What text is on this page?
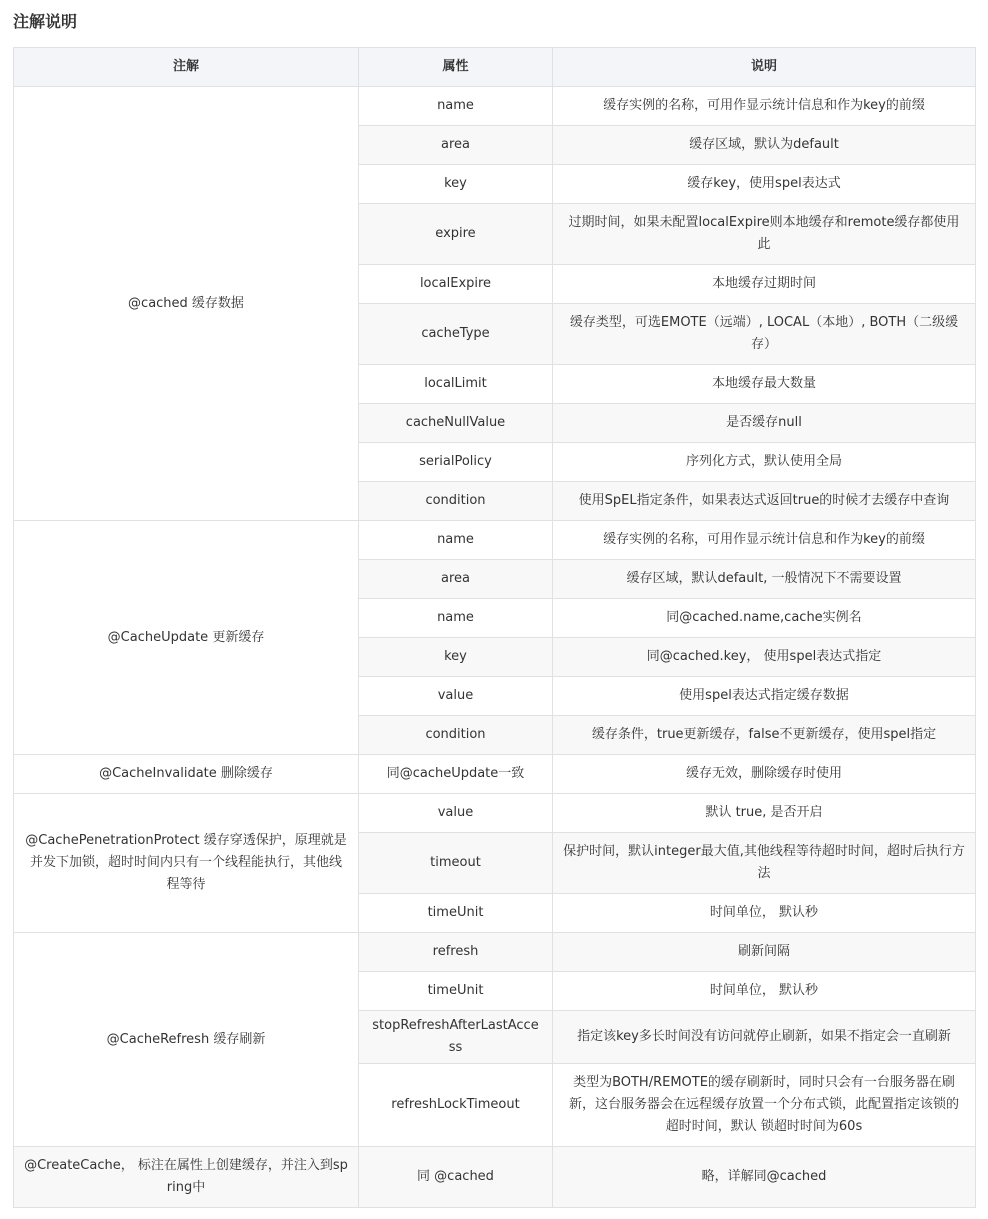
注解说明
注解	属性	说明
@cached 缓存数据	name	缓存实例的名称，可用作显示统计信息和作为key的前缀
	area	缓存区域，默认为default
	key	缓存key，使用spel表达式
	expire	过期时间，如果未配置localExpire则本地缓存和remote缓存都使用此
	localExpire	本地缓存过期时间
	cacheType	缓存类型，可选EMOTE（远端）, LOCAL（本地）, BOTH（二级缓存）
	localLimit	本地缓存最大数量
	cacheNullValue	是否缓存null
	serialPolicy	序列化方式，默认使用全局
	condition	使用SpEL指定条件，如果表达式返回true的时候才去缓存中查询
@CacheUpdate 更新缓存	name	缓存实例的名称，可用作显示统计信息和作为key的前缀
	area	缓存区域，默认default, 一般情况下不需要设置
	name	同@cached.name,cache实例名
	key	同@cached.key， 使用spel表达式指定
	value	使用spel表达式指定缓存数据
	condition	缓存条件，true更新缓存，false不更新缓存，使用spel指定
@CacheInvalidate 删除缓存	同@cacheUpdate一致	缓存无效，删除缓存时使用
@CachePenetrationProtect 缓存穿透保护，原理就是并发下加锁，超时时间内只有一个线程能执行，其他线程等待	value	默认 true, 是否开启
	timeout	保护时间，默认integer最大值,其他线程等待超时时间，超时后执行方法
	timeUnit	时间单位， 默认秒
@CacheRefresh 缓存刷新	refresh	刷新间隔
	timeUnit	时间单位， 默认秒
	stopRefreshAfterLastAccess	指定该key多长时间没有访问就停止刷新，如果不指定会一直刷新
	refreshLockTimeout	类型为BOTH/REMOTE的缓存刷新时，同时只会有一台服务器在刷新，这台服务器会在远程缓存放置一个分布式锁，此配置指定该锁的超时时间，默认 锁超时时间为60s
@CreateCache， 标注在属性上创建缓存，并注入到spring中	同 @cached	略，详解同@cached
